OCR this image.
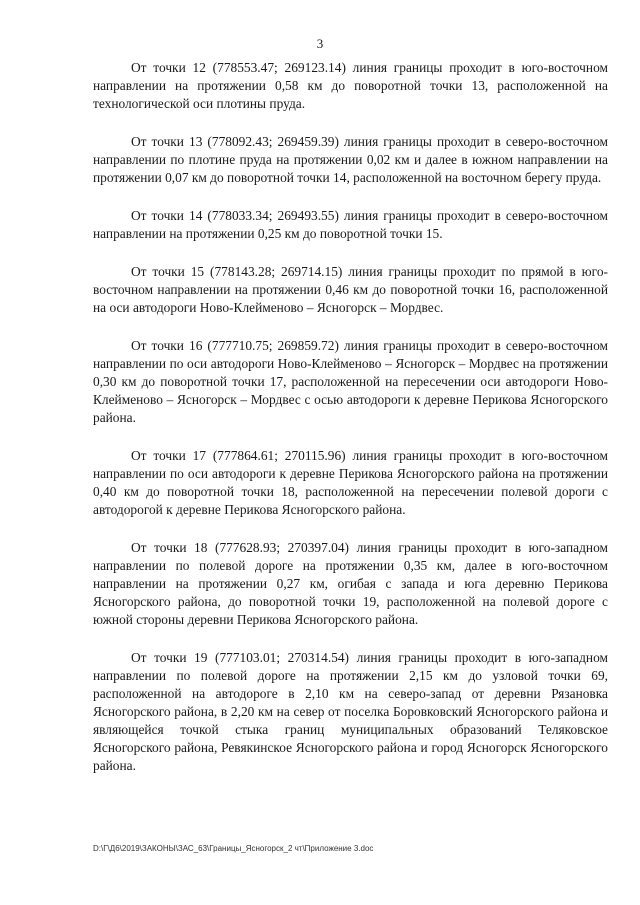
3

От точки 12 (778553.47; 269123.14) линия границы проходит в юго-восточном направлении на протяжении 0,58 км до поворотной точки 13, расположенной на технологической оси плотины пруда.

От точки 13 (778092.43; 269459.39) линия границы проходит в северо-восточном направлении по плотине пруда на протяжении 0,02 км и далее в южном направлении на протяжении 0,07 км до поворотной точки 14, расположенной на восточном берегу пруда.

От точки 14 (778033.34; 269493.55) линия границы проходит в северо-восточном направлении на протяжении 0,25 км до поворотной точки 15.

От точки 15 (778143.28; 269714.15) линия границы проходит по прямой в юго-восточном направлении на протяжении 0,46 км до поворотной точки 16, расположенной на оси автодороги Ново-Клейменово – Ясногорск – Мордвес.

От точки 16 (777710.75; 269859.72) линия границы проходит в северо-восточном направлении по оси автодороги Ново-Клейменово – Ясногорск – Мордвес на протяжении 0,30 км до поворотной точки 17, расположенной на пересечении оси автодороги Ново-Клейменово – Ясногорск – Мордвес с осью автодороги к деревне Перикова Ясногорского района.

От точки 17 (777864.61; 270115.96) линия границы проходит в юго-восточном направлении по оси автодороги к деревне Перикова Ясногорского района на протяжении 0,40 км до поворотной точки 18, расположенной на пересечении полевой дороги с автодорогой к деревне Перикова Ясногорского района.

От точки 18 (777628.93; 270397.04) линия границы проходит в юго-западном направлении по полевой дороге на протяжении 0,35 км, далее в юго-восточном направлении на протяжении 0,27 км, огибая с запада и юга деревню Перикова Ясногорского района, до поворотной точки 19, расположенной на полевой дороге с южной стороны деревни Перикова Ясногорского района.

От точки 19 (777103.01; 270314.54) линия границы проходит в юго-западном направлении по полевой дороге на протяжении 2,15 км до узловой точки 69, расположенной на автодороге в 2,10 км на северо-запад от деревни Рязановка Ясногорского района, в 2,20 км на север от поселка Боровковский Ясногорского района и являющейся точкой стыка границ муниципальных образований Теляковское Ясногорского района, Ревякинское Ясногорского района и город Ясногорск Ясногорского района.

D:\Г\Д6\2019\ЗАКОНЫ\ЗАС_63\Границы_Ясногорск_2 чт\Приложение 3.doc
